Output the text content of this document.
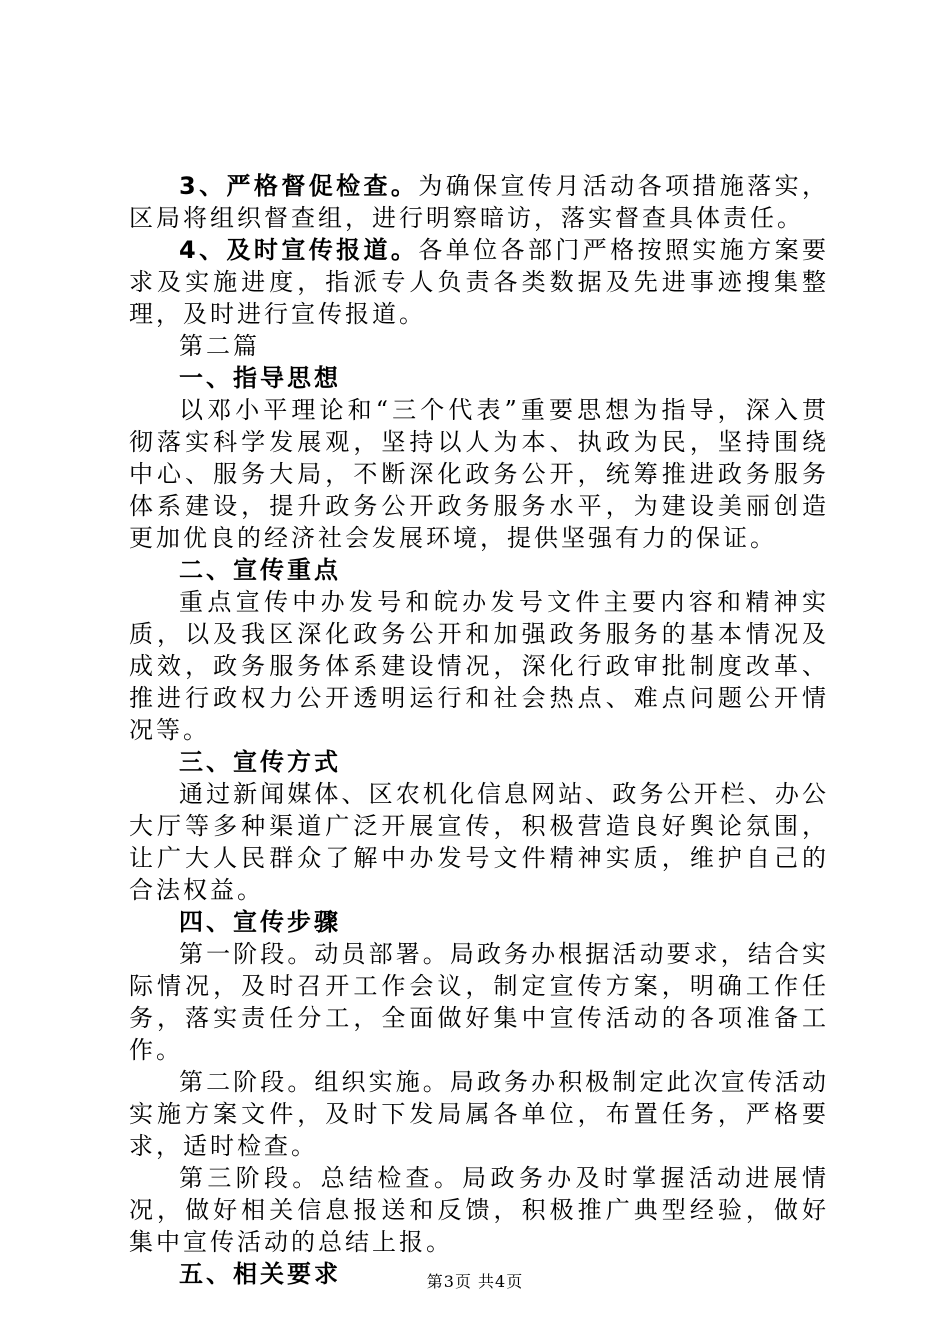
3、严格督促检查。为确保宣传月活动各项措施落实，区局将组织督查组，进行明察暗访，落实督查具体责任。

4、及时宣传报道。各单位各部门严格按照实施方案要求及实施进度，指派专人负责各类数据及先进事迹搜集整理，及时进行宣传报道。

第二篇

一、指导思想

以邓小平理论和“三个代表”重要思想为指导，深入贯彻落实科学发展观，坚持以人为本、执政为民，坚持围绕中心、服务大局，不断深化政务公开，统筹推进政务服务体系建设，提升政务公开政务服务水平，为建设美丽创造更加优良的经济社会发展环境，提供坚强有力的保证。

二、宣传重点

重点宣传中办发号和皖办发号文件主要内容和精神实质，以及我区深化政务公开和加强政务服务的基本情况及成效，政务服务体系建设情况，深化行政审批制度改革、推进行政权力公开透明运行和社会热点、难点问题公开情况等。

三、宣传方式

通过新闻媒体、区农机化信息网站、政务公开栏、办公大厅等多种渠道广泛开展宣传，积极营造良好舆论氛围，让广大人民群众了解中办发号文件精神实质，维护自己的合法权益。

四、宣传步骤

第一阶段。动员部署。局政务办根据活动要求，结合实际情况，及时召开工作会议，制定宣传方案，明确工作任务，落实责任分工，全面做好集中宣传活动的各项准备工作。

第二阶段。组织实施。局政务办积极制定此次宣传活动实施方案文件，及时下发局属各单位，布置任务，严格要求，适时检查。

第三阶段。总结检查。局政务办及时掌握活动进展情况，做好相关信息报送和反馈，积极推广典型经验，做好集中宣传活动的总结上报。

五、相关要求	第3页 共4页
